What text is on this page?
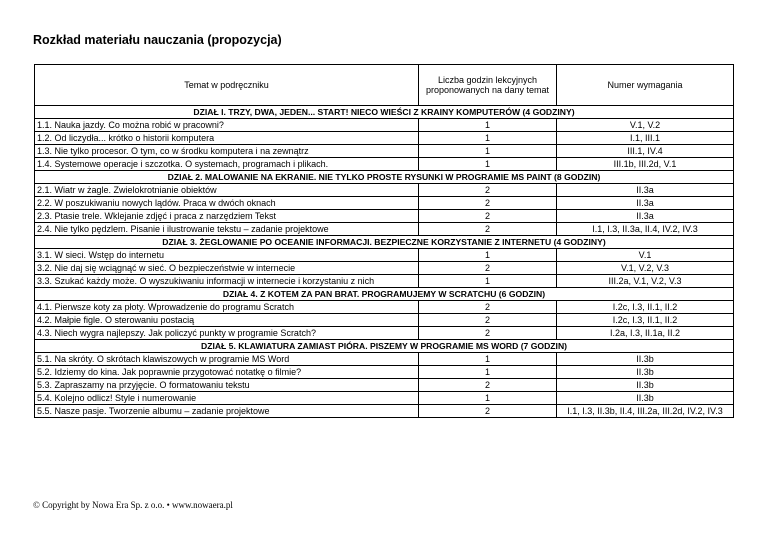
Rozkład materiału nauczania (propozycja)
Temat w podręczniku	Liczba godzin lekcyjnych proponowanych na dany temat	Numer wymagania
DZIAŁ I. TRZY, DWA, JEDEN... START! NIECO WIEŚCI Z KRAINY KOMPUTERÓW (4 GODZINY)		
1.1. Nauka jazdy. Co można robić w pracowni?	1	V.1, V.2
1.2. Od liczydła... krótko o historii komputera	1	I.1, III.1
1.3. Nie tylko procesor. O tym, co w środku komputera i na zewnątrz	1	III.1, IV.4
1.4. Systemowe operacje i szczotka. O systemach, programach i plikach.	1	III.1b, III.2d, V.1
DZIAŁ 2. MALOWANIE NA EKRANIE. NIE TYLKO PROSTE RYSUNKI W PROGRAMIE MS PAINT (8 GODZIN)		
2.1. Wiatr w żagle. Zwielokrotnianie obiektów	2	II.3a
2.2. W poszukiwaniu nowych lądów. Praca w dwóch oknach	2	II.3a
2.3. Ptasie trele. Wklejanie zdjęć i praca z narzędziem Tekst	2	II.3a
2.4. Nie tylko pędzlem. Pisanie i ilustrowanie tekstu – zadanie projektowe	2	I.1, I.3, II.3a, II.4, IV.2, IV.3
DZIAŁ 3. ŻEGLOWANIE PO OCEANIE INFORMACJI. BEZPIECZNE KORZYSTANIE Z INTERNETU (4 GODZINY)		
3.1. W sieci. Wstęp do internetu	1	V.1
3.2. Nie daj się wciągnąć w sieć. O bezpieczeństwie w internecie	2	V.1, V.2, V.3
3.3. Szukać każdy może. O wyszukiwaniu informacji w internecie i korzystaniu z nich	1	III.2a, V.1, V.2, V.3
DZIAŁ 4. Z KOTEM ZA PAN BRAT. PROGRAMUJEMY W SCRATCHU (6 GODZIN)		
4.1. Pierwsze koty za płoty. Wprowadzenie do programu Scratch	2	I.2c, I.3, II.1, II.2
4.2. Małpie figle. O sterowaniu postacią	2	I.2c, I.3, II.1, II.2
4.3. Niech wygra najlepszy. Jak policzyć punkty w programie Scratch?	2	I.2a, I.3, II.1a, II.2
DZIAŁ 5. KLAWIATURA ZAMIAST PIÓRA. PISZEMY W PROGRAMIE MS WORD (7 GODZIN)		
5.1. Na skróty. O skrótach klawiszowych w programie MS Word	1	II.3b
5.2. Idziemy do kina. Jak poprawnie przygotować notatkę o filmie?	1	II.3b
5.3. Zapraszamy na przyjęcie. O formatowaniu tekstu	2	II.3b
5.4. Kolejno odlicz! Style i numerowanie	1	II.3b
5.5. Nasze pasje. Tworzenie albumu – zadanie projektowe	2	I.1, I.3, II.3b, II.4, III.2a, III.2d, IV.2, IV.3
© Copyright by Nowa Era Sp. z o.o. • www.nowaera.pl
